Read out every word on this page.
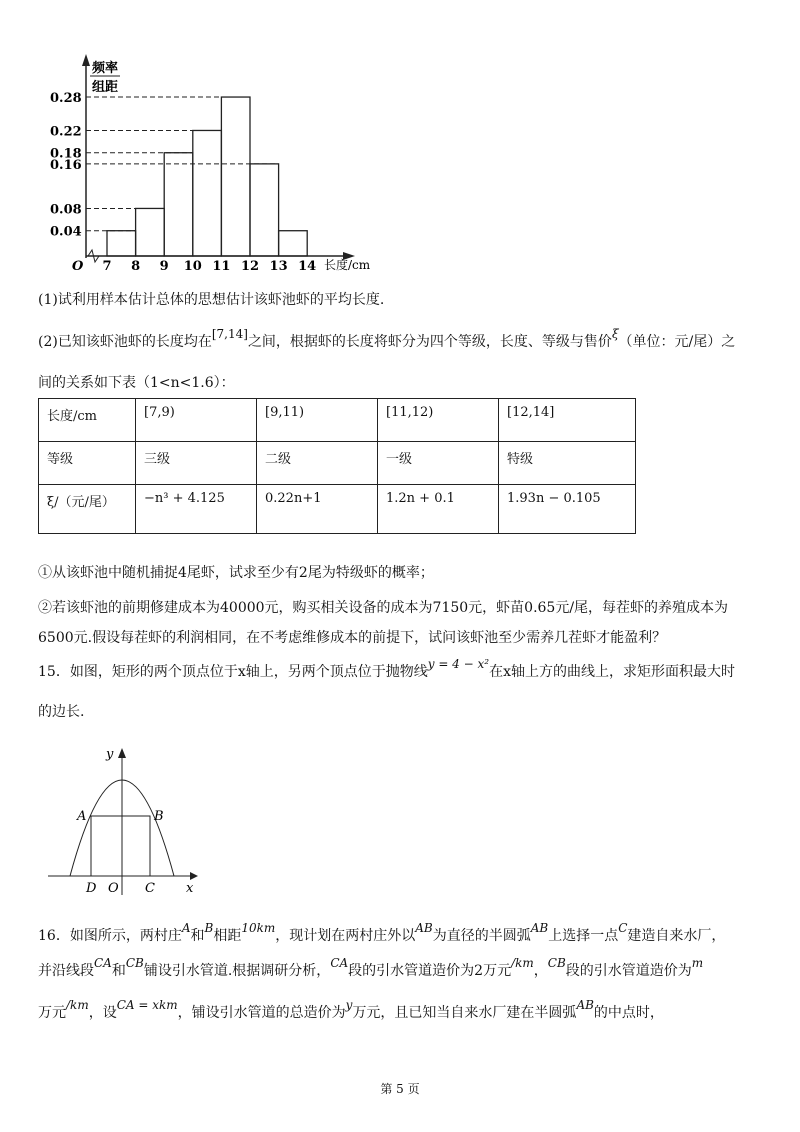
频率
组距
O	长度/cm
0.04
0.08
0.16
0.18
0.22
0.28
7 8 9 10 11 12 13 14
(1)试利用样本估计总体的思想估计该虾池虾的平均长度.
(2)已知该虾池虾的长度均在[7,14]之间，根据虾的长度将虾分为四个等级，长度、等级与售价ξ（单位：元/尾）之
间的关系如下表（1<n<1.6）：
长度/cm	[7,9)	[9,11)	[11,12)	[12,14]
等级	三级	二级	一级	特级
ξ/（元/尾）	−n³ + 4.125	0.22n+1	1.2n + 0.1	1.93n − 0.105
①从该虾池中随机捕捉4尾虾，试求至少有2尾为特级虾的概率；
②若该虾池的前期修建成本为40000元，购买相关设备的成本为7150元，虾苗0.65元/尾，每茬虾的养殖成本为
6500元.假设每茬虾的利润相同，在不考虑维修成本的前提下，试问该虾池至少需养几茬虾才能盈利？
15．如图，矩形的两个顶点位于x轴上，另两个顶点位于抛物线y = 4 − x²在x轴上方的曲线上，求矩形面积最大时
的边长.
A	B
C
D O	x
y
16．如图所示，两村庄A和B相距10km，现计划在两村庄外以AB为直径的半圆弧AB上选择一点C建造自来水厂，
并沿线段CA和CB铺设引水管道.根据调研分析，CA段的引水管道造价为2万元/km，CB段的引水管道造价为m
万元/km，设CA = xkm，铺设引水管道的总造价为y万元，且已知当自来水厂建在半圆弧AB的中点时，
第 5 页
